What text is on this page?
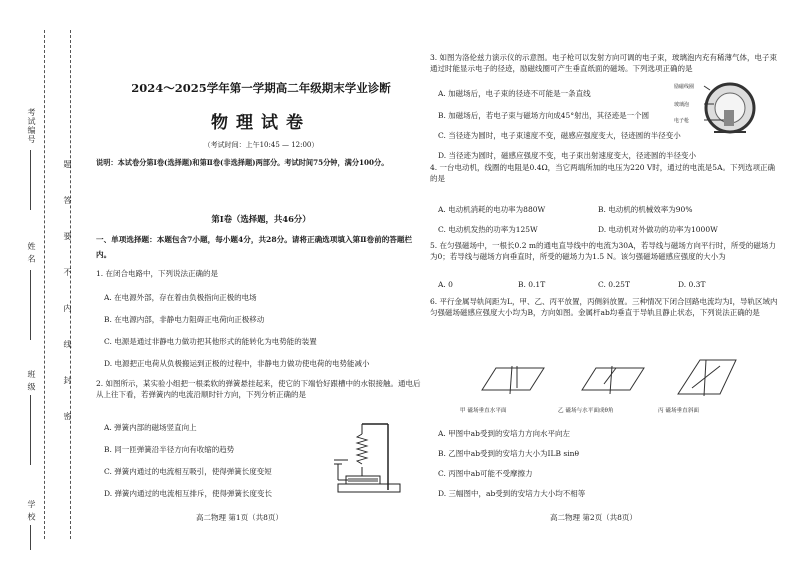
考试编号
姓 名
班 级
学 校
题
答
要
不
内
线
封
密
2024～2025学年第一学期高二年级期末学业诊断
物理试卷
（考试时间：上午10:45 — 12:00）
说明：本试卷分第Ⅰ卷(选择题)和第Ⅱ卷(非选择题)两部分。考试时间75分钟，满分100分。
第Ⅰ卷（选择题，共46分）
一、单项选择题：本题包含7小题，每小题4分，共28分。请将正确选项填入第Ⅱ卷前的答题栏内。
1. 在闭合电路中，下列说法正确的是
A. 在电源外部，存在着由负极指向正极的电场
B. 在电源内部，非静电力阻碍正电荷向正极移动
C. 电源是通过非静电力做功把其他形式的能转化为电势能的装置
D. 电源把正电荷从负极搬运到正极的过程中，非静电力做功使电荷的电势能减小
2. 如图所示，某实验小组把一根柔软的弹簧悬挂起来，使它的下端恰好跟槽中的水银接触。通电后从上往下看，若弹簧内的电流沿顺时针方向，下列分析正确的是
A. 弹簧内部的磁场竖直向上
B. 同一匝弹簧沿半径方向有收缩的趋势
C. 弹簧内通过的电流相互吸引，使得弹簧长度变短
D. 弹簧内通过的电流相互排斥，使得弹簧长度变长
高二物理 第1页（共8页）
3. 如图为洛伦兹力演示仪的示意图。电子枪可以发射方向可调的电子束，玻璃泡内充有稀薄气体，电子束通过时能显示电子的径迹，励磁线圈可产生垂直纸面的磁场。下列选项正确的是
A. 加磁场后，电子束的径迹不可能是一条直线
B. 加磁场后，若电子束与磁场方向成45°射出，其径迹是一个圆
C. 当径迹为圆时，电子束速度不变，磁感应强度变大，径迹圆的半径变小
D. 当径迹为圆时，磁感应强度不变，电子束出射速度变大，径迹圆的半径变小
励磁线圈
玻璃泡
电子枪
4. 一台电动机，线圈的电阻是0.4Ω，当它两端所加的电压为220 V时，通过的电流是5A。下列选项正确的是
A. 电动机消耗的电功率为880W	B. 电动机的机械效率为90%
C. 电动机发热的功率为125W	D. 电动机对外做功的功率为1000W
5. 在匀强磁场中，一根长0.2 m的通电直导线中的电流为30A，若导线与磁场方向平行时，所受的磁场力为0；若导线与磁场方向垂直时，所受的磁场力为1.5 N。该匀强磁场磁感应强度的大小为
A. 0	B. 0.1T	C. 0.25T	D. 0.3T
6. 平行金属导轨间距为L，甲、乙、丙平放置，丙侧斜放置。三种情况下闭合回路电流均为I，导轨区域内匀强磁场磁感应强度大小均为B，方向如图。金属杆ab均垂直于导轨且静止状态，下列说法正确的是
甲 磁场垂直水平面	乙 磁场与水平面成θ角	丙 磁场垂直斜面
A. 甲图中ab受到的安培力方向水平向左
B. 乙图中ab受到的安培力大小为ILB sinθ
C. 丙图中ab可能不受摩擦力
D. 三幅图中，ab受到的安培力大小均不相等
高二物理 第2页（共8页）
